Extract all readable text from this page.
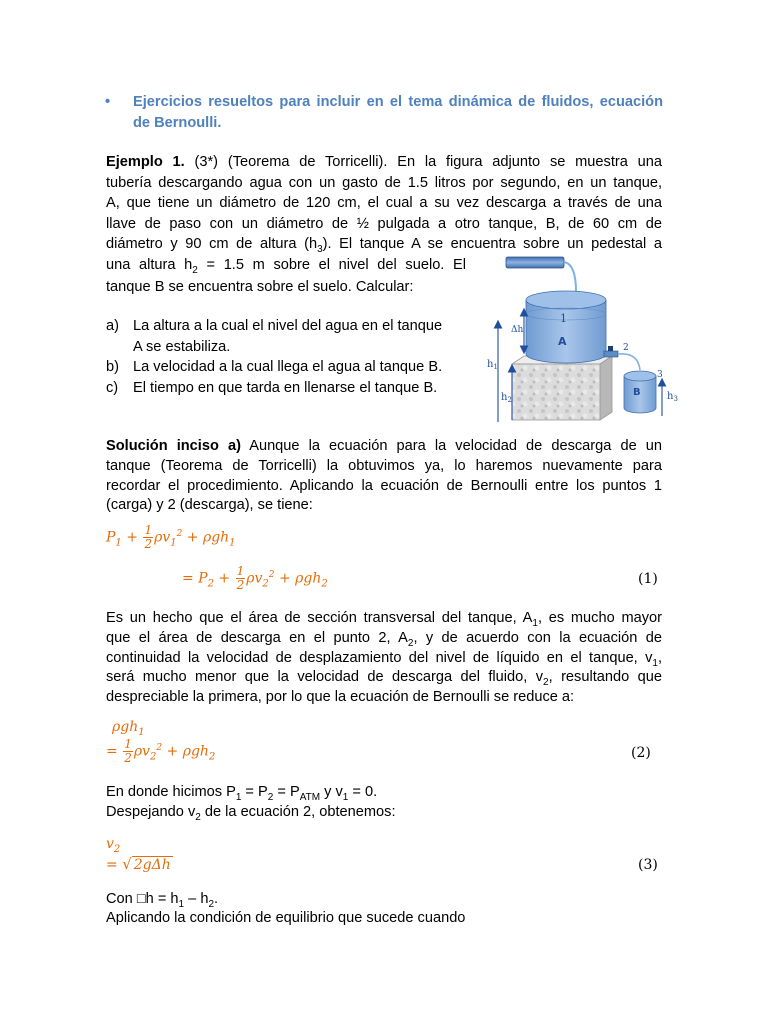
• Ejercicios resueltos para incluir en el tema dinámica de fluidos, ecuación
de Bernoulli.
Ejemplo 1. (3*) (Teorema de Torricelli). En la figura adjunto se muestra una
tubería descargando agua con un gasto de 1.5 litros por segundo, en un tanque,
A, que tiene un diámetro de 120 cm, el cual a su vez descarga a través de una
llave de paso con un diámetro de ½ pulgada a otro tanque, B, de 60 cm de
diámetro y 90 cm de altura $(h_3)$. El tanque A se encuentra sobre un pedestal a
una altura $h_2 = 1.5$ m sobre el nivel del suelo. El
tanque B se encuentra sobre el suelo. Calcular:
a) La altura a la cual el nivel del agua en el tanque
A se estabiliza.
b) La velocidad a la cual llega el agua al tanque B.
c) El tiempo en que tarda en llenarse el tanque B.
1
A	2
3
B
Δh
$h_1$
$h_2$	$h_3$
Solución inciso a) Aunque la ecuación para la velocidad de descarga de un
tanque (Teorema de Torricelli) la obtuvimos ya, lo haremos nuevamente para
recordar el procedimiento. Aplicando la ecuación de Bernoulli entre los puntos 1
(carga) y 2 (descarga), se tiene:
$P_1 + \frac{1}{2} \rho v_1^2 + \rho gh_1$
= $P_2 + \frac{1}{2} \rho v_2^2 + \rho gh_2$	(1)
Es un hecho que el área de sección transversal del tanque, $A_1$, es mucho mayor
que el área de descarga en el punto 2, $A_2$, y de acuerdo con la ecuación de
continuidad la velocidad de desplazamiento del nivel de líquido en el tanque, $v_1$,
será mucho menor que la velocidad de descarga del fluido, $v_2$, resultando que
despreciable la primera, por lo que la ecuación de Bernoulli se reduce a:
ρgh$_1$
= $\frac{1}{2} \rho v_2^2 + \rho gh_2$	(2)
En donde hicimos $P_1 = P_2 = P_{ATM}$ y $v_1 = 0$.
Despejando $v_2$ de la ecuación 2, obtenemos:
$v_2$
= √ 2gΔh	(3)
Con □h = $h_1 - h_2$.
Aplicando la condición de equilibrio que sucede cuando
